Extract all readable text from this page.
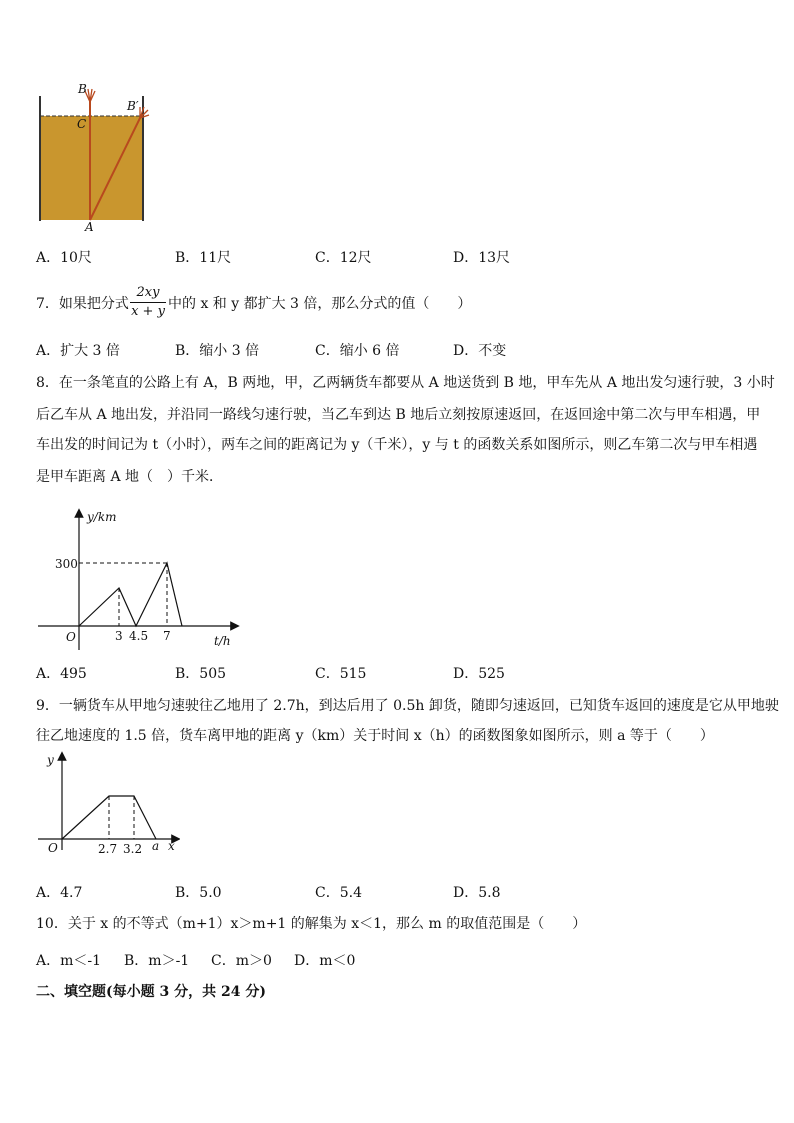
B
C
B′
A
A．10尺	B．11尺	C．12尺	D．13尺
7．如果把分式
2xy
x + y 中的 x 和 y 都扩大 3 倍，那么分式的值（　　）
A．扩大 3 倍	B．缩小 3 倍	C．缩小 6 倍	D．不变
8．在一条笔直的公路上有 A，B 两地，甲，乙两辆货车都要从 A 地送货到 B 地，甲车先从 A 地出发匀速行驶，3 小时
后乙车从 A 地出发，并沿同一路线匀速行驶，当乙车到达 B 地后立刻按原速返回，在返回途中第二次与甲车相遇，甲
车出发的时间记为 t（小时），两车之间的距离记为 y（千米），y 与 t 的函数关系如图所示，则乙车第二次与甲车相遇
是甲车距离 A 地（　）千米．
y/km
t/h
O
300
3 4.5 7
A．495	B．505	C．515	D．525
9．一辆货车从甲地匀速驶往乙地用了 2.7h，到达后用了 0.5h 卸货，随即匀速返回，已知货车返回的速度是它从甲地驶
往乙地速度的 1.5 倍，货车离甲地的距离 y（km）关于时间 x（h）的函数图象如图所示，则 a 等于（　　）
y
x
O	2.7 3.2 a
A．4.7	B．5.0	C．5.4	D．5.8
10．关于 x 的不等式（m+1）x＞m+1 的解集为 x＜1，那么 m 的取值范围是（　　）
A．m＜-1 B．m＞-1 C．m＞0 D．m＜0
二、填空题(每小题 3 分，共 24 分)
